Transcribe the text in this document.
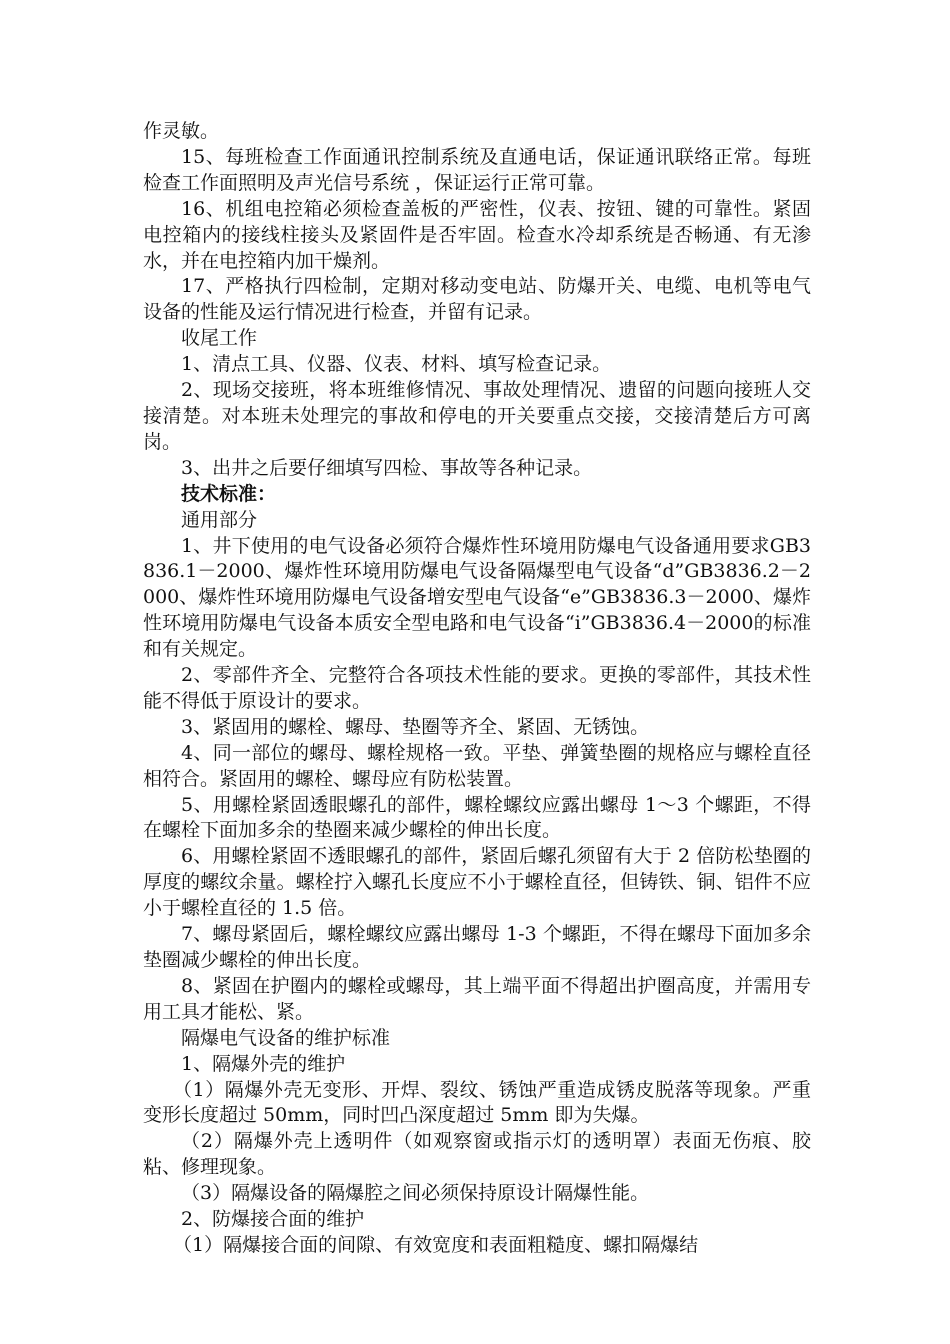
作灵敏。

15、每班检查工作面通讯控制系统及直通电话，保证通讯联络正常。每班检查工作面照明及声光信号系统 ，保证运行正常可靠。

16、机组电控箱必须检查盖板的严密性，仪表、按钮、键的可靠性。紧固电控箱内的接线柱接头及紧固件是否牢固。检查水冷却系统是否畅通、有无渗水，并在电控箱内加干燥剂。

17、严格执行四检制，定期对移动变电站、防爆开关、电缆、电机等电气设备的性能及运行情况进行检查，并留有记录。

收尾工作

1、清点工具、仪器、仪表、材料、填写检查记录。

2、现场交接班，将本班维修情况、事故处理情况、遗留的问题向接班人交接清楚。对本班未处理完的事故和停电的开关要重点交接，交接清楚后方可离岗。

3、出井之后要仔细填写四检、事故等各种记录。

技术标准：

通用部分

1、井下使用的电气设备必须符合爆炸性环境用防爆电气设备通用要求GB3836.1－2000、爆炸性环境用防爆电气设备隔爆型电气设备“d”GB3836.2－2000、爆炸性环境用防爆电气设备增安型电气设备“e”GB3836.3－2000、爆炸性环境用防爆电气设备本质安全型电路和电气设备“i”GB3836.4－2000的标准和有关规定。

2、零部件齐全、完整符合各项技术性能的要求。更换的零部件，其技术性能不得低于原设计的要求。

3、紧固用的螺栓、螺母、垫圈等齐全、紧固、无锈蚀。

4、同一部位的螺母、螺栓规格一致。平垫、弹簧垫圈的规格应与螺栓直径相符合。紧固用的螺栓、螺母应有防松装置。

5、用螺栓紧固透眼螺孔的部件，螺栓螺纹应露出螺母 1～3 个螺距，不得在螺栓下面加多余的垫圈来减少螺栓的伸出长度。

6、用螺栓紧固不透眼螺孔的部件，紧固后螺孔须留有大于 2 倍防松垫圈的厚度的螺纹余量。螺栓拧入螺孔长度应不小于螺栓直径，但铸铁、铜、铝件不应小于螺栓直径的 1.5 倍。

7、螺母紧固后，螺栓螺纹应露出螺母 1-3 个螺距，不得在螺母下面加多余垫圈减少螺栓的伸出长度。

8、紧固在护圈内的螺栓或螺母，其上端平面不得超出护圈高度，并需用专用工具才能松、紧。

隔爆电气设备的维护标准

1、隔爆外壳的维护

（1）隔爆外壳无变形、开焊、裂纹、锈蚀严重造成锈皮脱落等现象。严重变形长度超过 50mm，同时凹凸深度超过 5mm 即为失爆。

（2）隔爆外壳上透明件（如观察窗或指示灯的透明罩）表面无伤痕、胶粘、修理现象。

（3）隔爆设备的隔爆腔之间必须保持原设计隔爆性能。

2、防爆接合面的维护

（1）隔爆接合面的间隙、有效宽度和表面粗糙度、螺扣隔爆结
